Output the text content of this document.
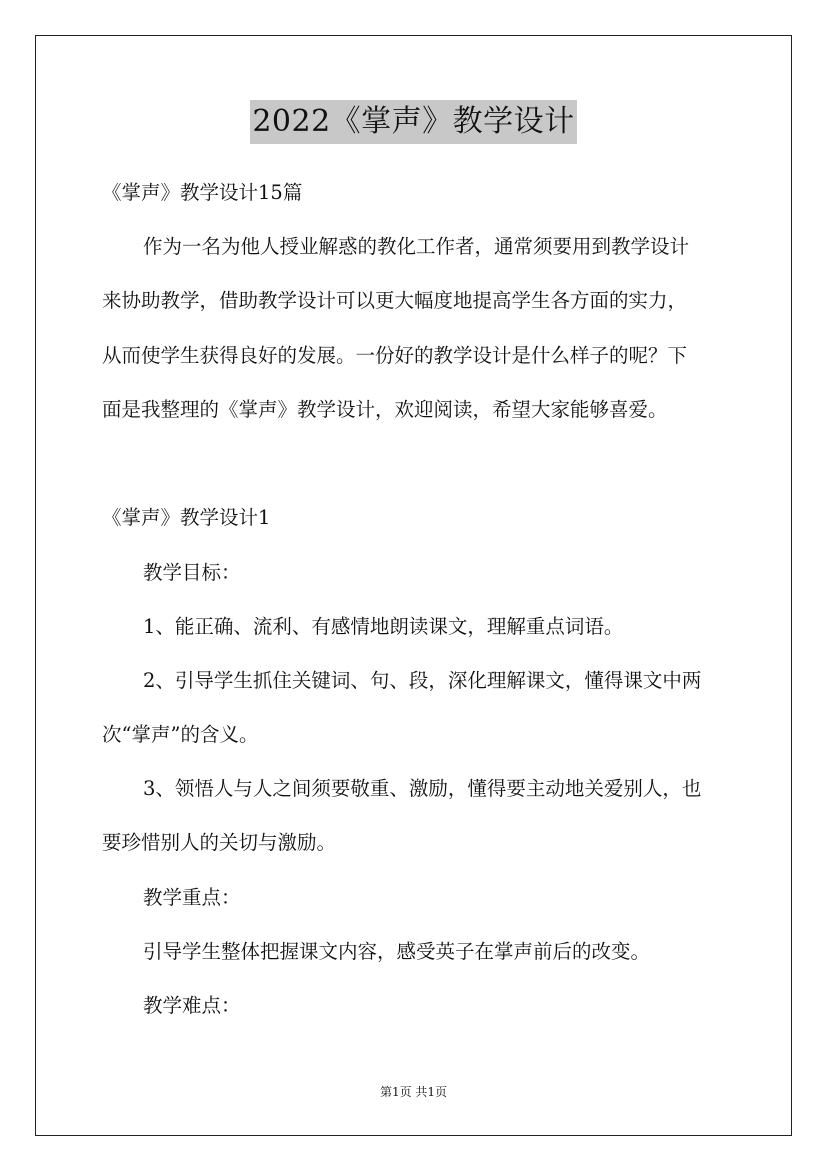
2022《掌声》教学设计
《掌声》教学设计15篇
作为一名为他人授业解惑的教化工作者，通常须要用到教学设计
来协助教学，借助教学设计可以更大幅度地提高学生各方面的实力，
从而使学生获得良好的发展。一份好的教学设计是什么样子的呢？下
面是我整理的《掌声》教学设计，欢迎阅读，希望大家能够喜爱。
《掌声》教学设计1
教学目标：
1、能正确、流利、有感情地朗读课文，理解重点词语。
2、引导学生抓住关键词、句、段，深化理解课文，懂得课文中两
次“掌声”的含义。
3、领悟人与人之间须要敬重、激励，懂得要主动地关爱别人，也
要珍惜别人的关切与激励。
教学重点：
引导学生整体把握课文内容，感受英子在掌声前后的改变。
教学难点：
第1页 共1页
